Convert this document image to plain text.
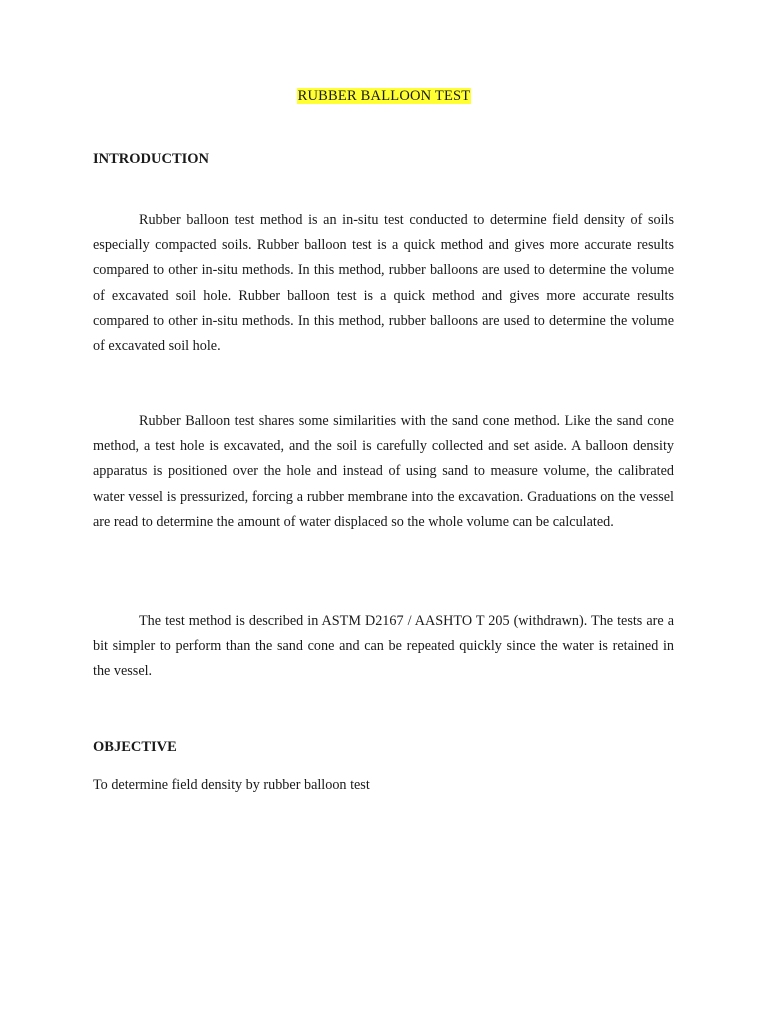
RUBBER BALLOON TEST
INTRODUCTION

Rubber balloon test method is an in-situ test conducted to determine field density of soils especially compacted soils. Rubber balloon test is a quick method and gives more accurate results compared to other in-situ methods. In this method, rubber balloons are used to determine the volume of excavated soil hole. Rubber balloon test is a quick method and gives more accurate results compared to other in-situ methods. In this method, rubber balloons are used to determine the volume of excavated soil hole.

Rubber Balloon test shares some similarities with the sand cone method. Like the sand cone method, a test hole is excavated, and the soil is carefully collected and set aside. A balloon density apparatus is positioned over the hole and instead of using sand to measure volume, the calibrated water vessel is pressurized, forcing a rubber membrane into the excavation. Graduations on the vessel are read to determine the amount of water displaced so the whole volume can be calculated.

The test method is described in ASTM D2167 / AASHTO T 205 (withdrawn). The tests are a bit simpler to perform than the sand cone and can be repeated quickly since the water is retained in the vessel.

OBJECTIVE
To determine field density by rubber balloon test
